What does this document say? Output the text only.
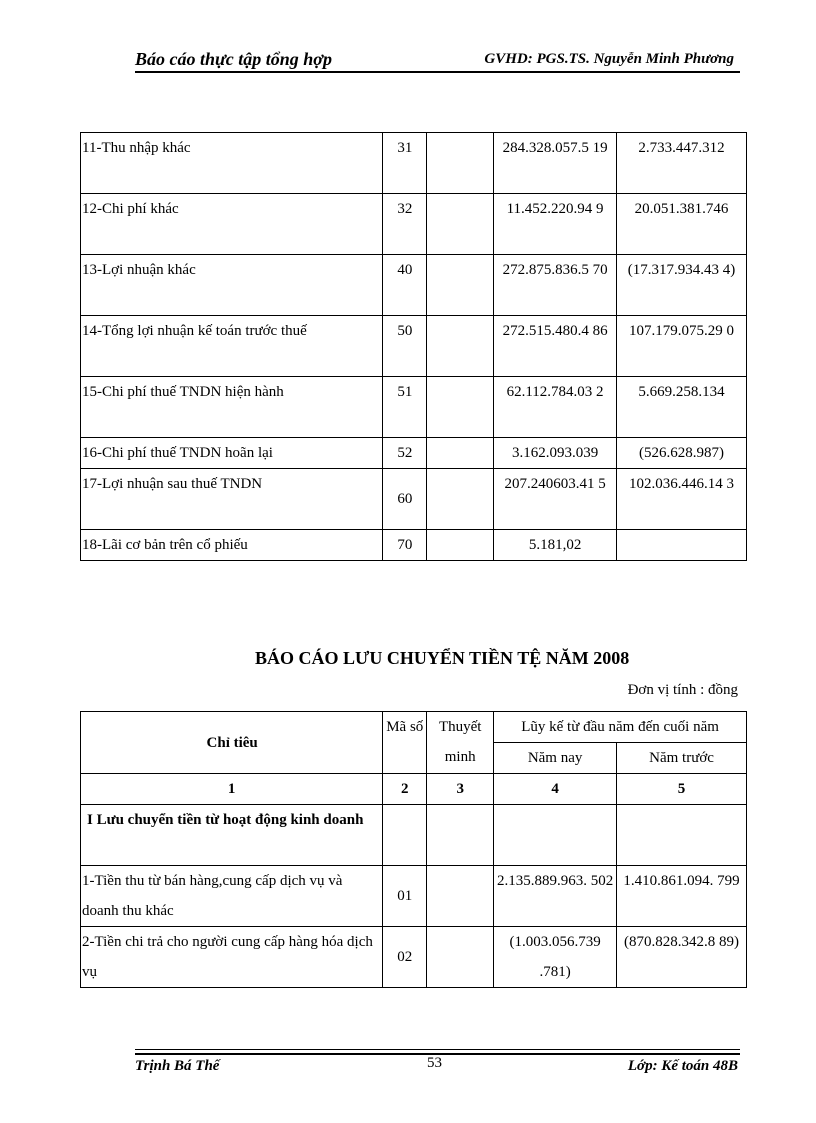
Báo cáo thực tập tổng hợp	GVHD: PGS.TS. Nguyễn Minh Phương
11-Thu nhập khác	31		284.328.057.5 19	2.733.447.312
12-Chi phí khác	32		11.452.220.94 9	20.051.381.746
13-Lợi nhuận khác	40		272.875.836.5 70	(17.317.934.43 4)
14-Tổng lợi nhuận kế toán trước thuế	50		272.515.480.4 86	107.179.075.29 0
15-Chi phí thuế TNDN hiện hành	51		62.112.784.03 2	5.669.258.134
16-Chi phí thuế TNDN hoãn lại	52		3.162.093.039	(526.628.987)
17-Lợi nhuận sau thuế TNDN	60		207.240603.41 5	102.036.446.14 3
18-Lãi cơ bản trên cổ phiếu	70		5.181,02	
BÁO CÁO LƯU CHUYỂN TIỀN TỆ NĂM 2008
Đơn vị tính : đồng
Chỉ tiêu	Mã số	Thuyết minh	Lũy kế từ đầu năm đến cuối năm	
			Năm nay	Năm trước
1	2	3	4	5
I Lưu chuyển tiền từ hoạt động kinh doanh				
1-Tiền thu từ bán hàng,cung cấp dịch vụ và doanh thu khác	01		2.135.889.963. 502	1.410.861.094. 799
2-Tiền chi trả cho người cung cấp hàng hóa dịch vụ	02		(1.003.056.739 .781)	(870.828.342.8 89)
Trịnh Bá Thế	53	Lớp: Kế toán 48B
